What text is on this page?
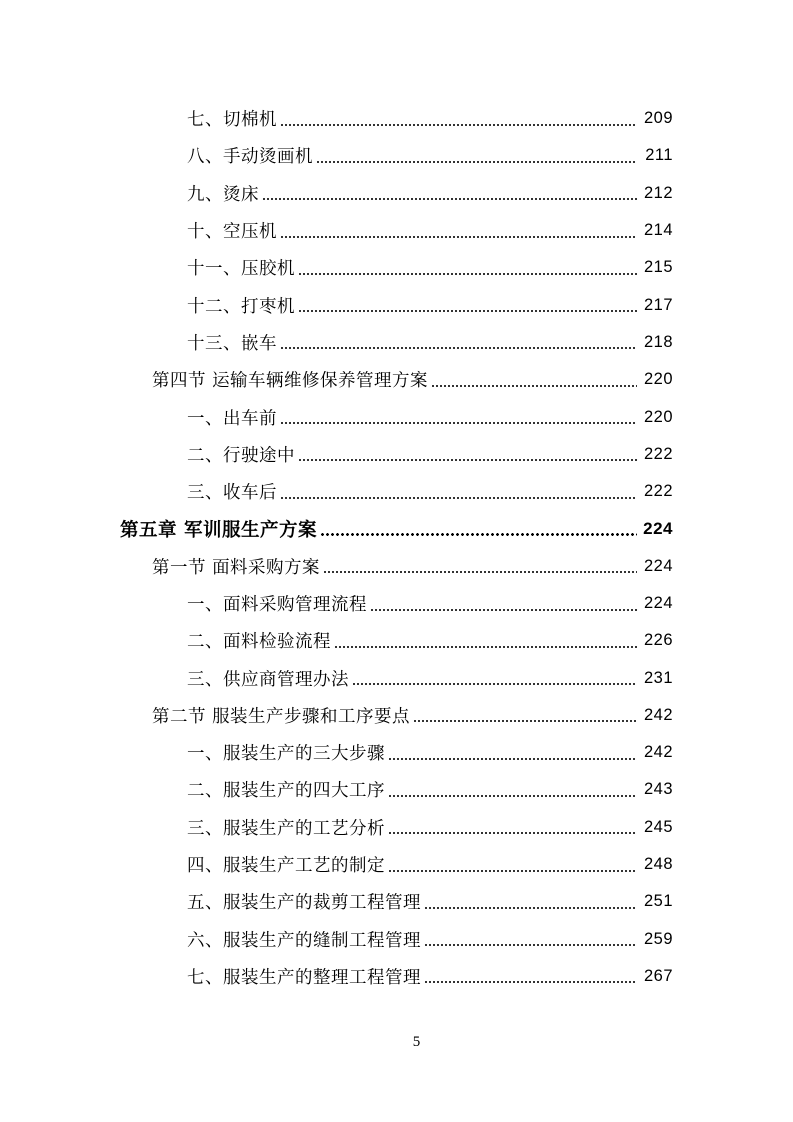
七、切棉机	209
八、手动烫画机	211
九、烫床	212
十、空压机	214
十一、压胶机	215
十二、打枣机	217
十三、嵌车	218
第四节 运输车辆维修保养管理方案	220
一、出车前	220
二、行驶途中	222
三、收车后	222
第五章 军训服生产方案	224
第一节 面料采购方案	224
一、面料采购管理流程	224
二、面料检验流程	226
三、供应商管理办法	231
第二节 服装生产步骤和工序要点	242
一、服装生产的三大步骤	242
二、服装生产的四大工序	243
三、服装生产的工艺分析	245
四、服装生产工艺的制定	248
五、服装生产的裁剪工程管理	251
六、服装生产的缝制工程管理	259
七、服装生产的整理工程管理	267
5
